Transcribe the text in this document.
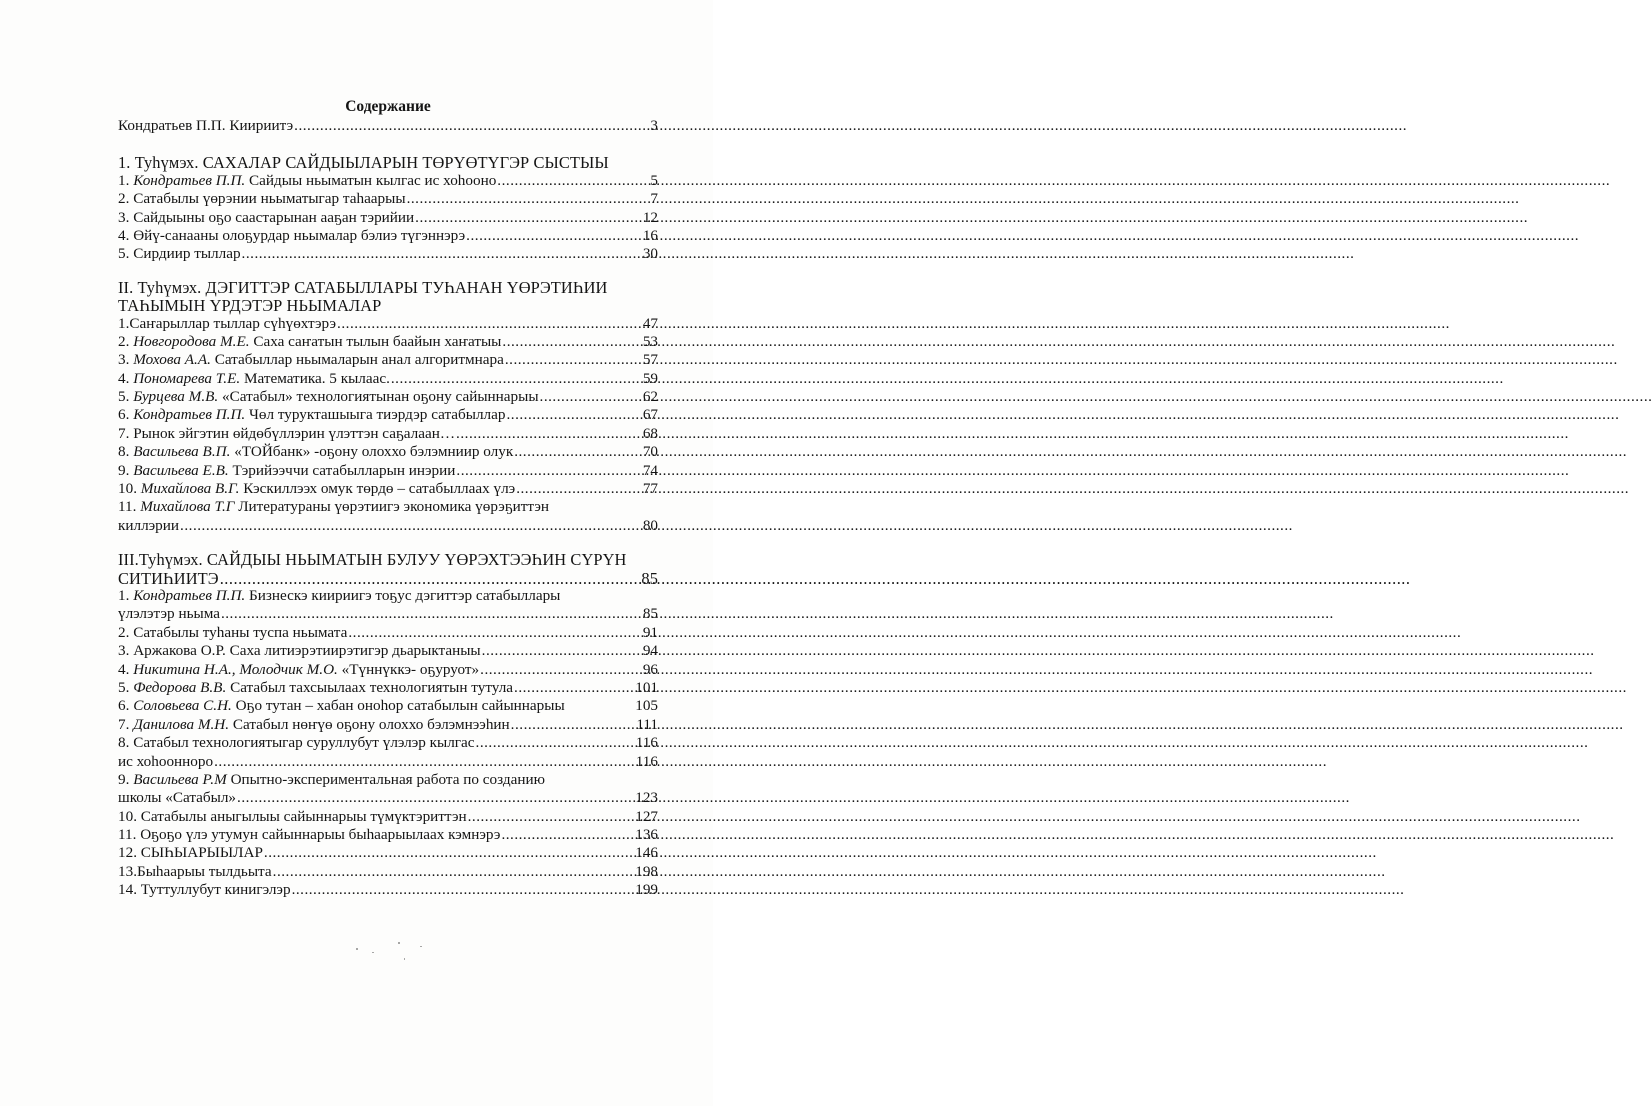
Содержание
Кондратьев П.П. Киириитэ .....	3
1. Туһүмэх. САХАЛАР САЙДЫЫЛАРЫН ТӨРҮӨТҮГЭР СЫСТЫЫ
1. Кондратьев П.П. Сайдыы ньыматын кылгас ис хоһооно .....	5
2. Сатабылы үөрэнии ньыматыгар таһаарыы .....	7
3. Сайдыыны оҕо саастарынан ааҕан тэрийии .....	12
4. Өйү-санааны олоҕурдар ньымалар бэлиэ түгэннэрэ .....	16
5. Сирдиир тыллар .....	30
II. Туһүмэх. ДЭГИТТЭР САТАБЫЛЛАРЫ ТУҺАНАН ҮӨРЭТИҺИИ
ТАҺЫМЫН ҮРДЭТЭР НЬЫМАЛАР
1.Саҥарыллар тыллар сүһүөхтэрэ .....	47
2. Новгородова М.Е. Саха саҥатын тылын баайын хаҥатыы .....	53
3. Мохова А.А. Сатабыллар ньымаларын анал алгоритмнара .....	57
4. Пономарева Т.Е. Математика. 5 кылаас. .....	59
5. Бурцева М.В. «Сатабыл» технологиятынан оҕону сайыннарыы .....	62
6. Кондратьев П.П. Чөл турукташыыга тиэрдэр сатабыллар .....	67
7. Рынок эйгэтин өйдөбүллэрин үлэттэн саҕалаан… .....	68
8. Васильева В.П. «ТОЙбанк» -оҕону олоххо бэлэмниир олук .....	70
9. Васильева Е.В. Тэрийээччи сатабылларын инэрии .....	74
10. Михайлова В.Г. Кэскиллээх омук төрдө – сатабыллаах үлэ .....	77
11. Михайлова Т.Г Литератураны үөрэтиигэ экономика үөрэҕиттэн
киллэрии .....	80
III.Туһүмэх. САЙДЫЫ НЬЫМАТЫН БУЛУУ ҮӨРЭХТЭЭҺИН СҮРҮН
СИТИҺИИТЭ .....	85
1. Кондратьев П.П. Бизнескэ киириигэ тоҕус дэгиттэр сатабыллары
үлэлэтэр ньыма .....	85
2. Сатабылы туһаны туспа ньымата .....	91
3. Аржакова О.Р. Саха литиэрэтиирэтигэр дьарыктаныы .....	94
4. Никитина Н.А., Молодчик М.О. «Түннүккэ- оҕуруот» .....	96
5. Федорова В.В. Сатабыл тахсыылаах технологиятын тутула .....	101
6. Соловьева С.Н. Оҕо тутан – хабан оноһор сатабылын сайыннарыы	105
7. Данилова М.Н. Сатабыл нөҥүө оҕону олоххо бэлэмнээһин .....	111
8. Сатабыл технологиятыгар суруллубут үлэлэр кылгас .....	116
ис хоһооннорo .....	116
9. Васильева Р.М Опытно-экспериментальная работа по созданию
школы «Сатабыл» .....	123
10. Сатабылы аныгылыы сайыннарыы түмүктэриттэн .....	127
11. Оҕоҕо үлэ утумун сайыннарыы быһаарыылаах кэмнэрэ .....	136
12. СЫҺЫАРЫЫЛАР .....	146
13.Быһаарыы тылдьыта .....	198
14. Туттуллубут кинигэлэр .....	199
